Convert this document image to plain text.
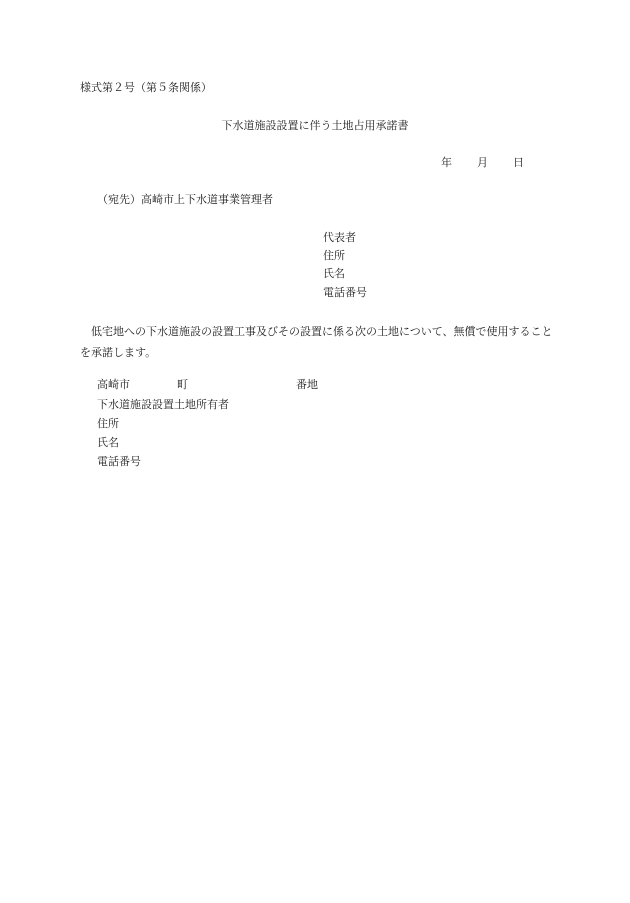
様式第２号（第５条関係）
下水道施設設置に伴う土地占用承諾書
年 月 日
（宛先）高崎市上下水道事業管理者
代表者
住所
氏名
電話番号
低宅地への下水道施設の設置工事及びその設置に係る次の土地について、無償で使用することを承諾します。
高崎市	町	番地
下水道施設設置土地所有者
住所
氏名
電話番号
